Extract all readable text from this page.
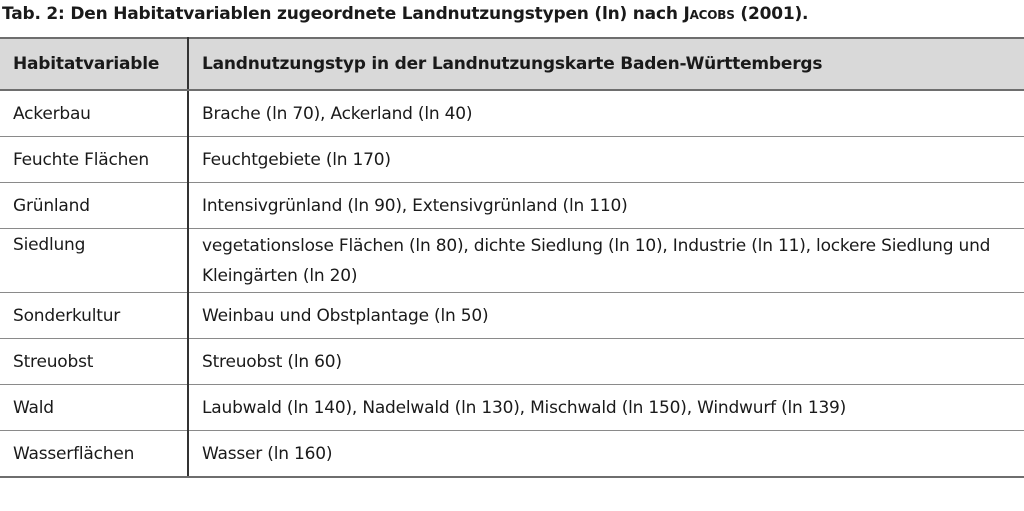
Tab. 2: Den Habitatvariablen zugeordnete Landnutzungstypen (ln) nach Jacobs (2001).
Habitatvariable	Landnutzungstyp in der Landnutzungskarte Baden-Württembergs
Ackerbau	Brache (ln 70), Ackerland (ln 40)
Feuchte Flächen	Feuchtgebiete (ln 170)
Grünland	Intensivgrünland (ln 90), Extensivgrünland (ln 110)
Siedlung	vegetationslose Flächen (ln 80), dichte Siedlung (ln 10), Industrie (ln 11), lockere Siedlung und Kleingärten (ln 20)
Sonderkultur	Weinbau und Obstplantage (ln 50)
Streuobst	Streuobst (ln 60)
Wald	Laubwald (ln 140), Nadelwald (ln 130), Mischwald (ln 150), Windwurf (ln 139)
Wasserflächen	Wasser (ln 160)
